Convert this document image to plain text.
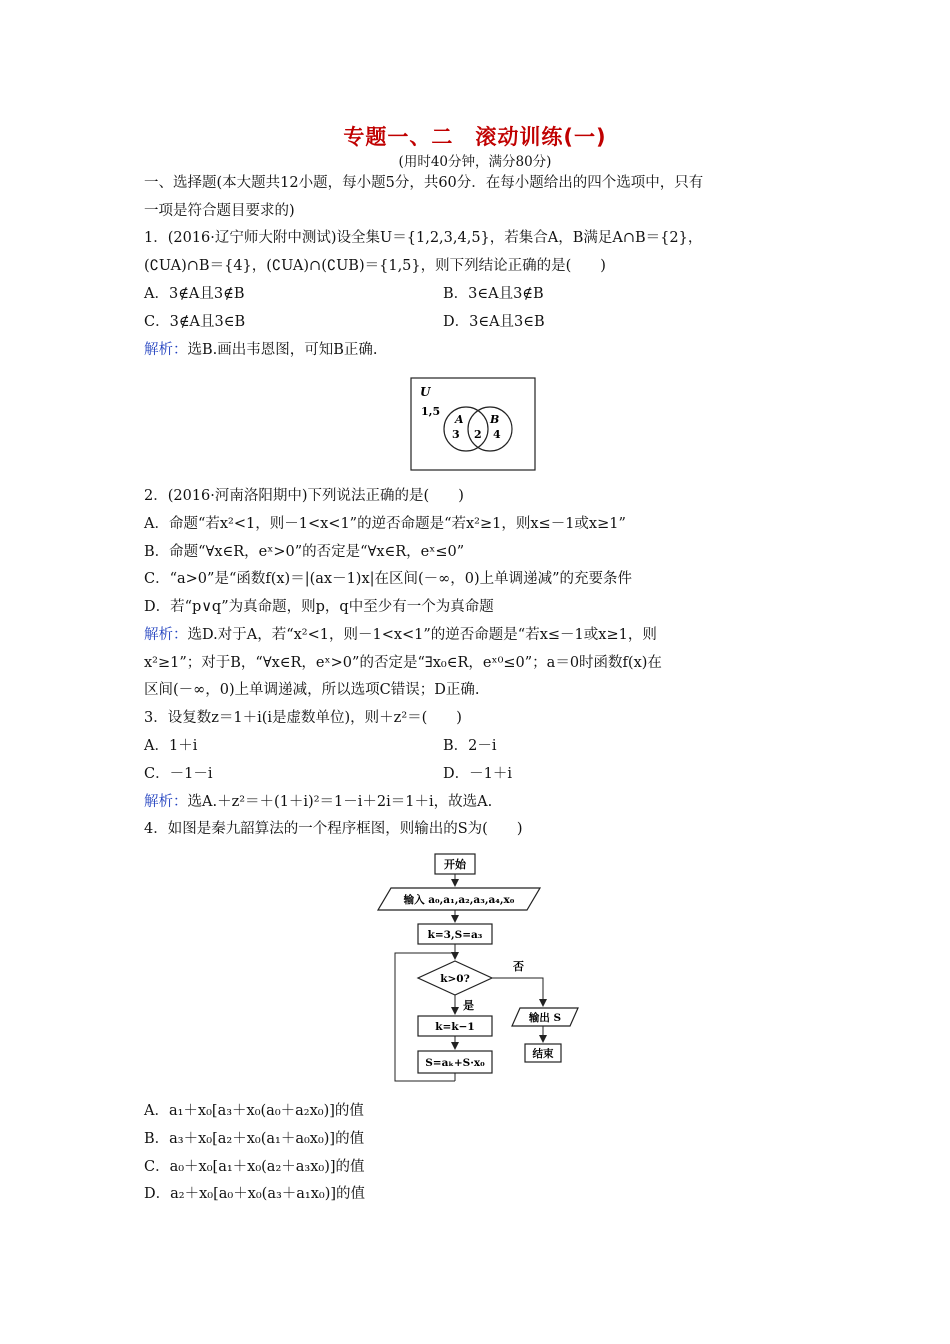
专题一、二　滚动训练(一)
(用时40分钟，满分80分)
一、选择题(本大题共12小题，每小题5分，共60分．在每小题给出的四个选项中，只有
一项是符合题目要求的)
1．(2016·辽宁师大附中测试)设全集U＝{1,2,3,4,5}，若集合A，B满足A∩B＝{2}，
(∁UA)∩B＝{4}，(∁UA)∩(∁UB)＝{1,5}，则下列结论正确的是(　　)
A．3∉A且3∉B	B．3∈A且3∉B
C．3∉A且3∈B	D．3∈A且3∈B
解析：选B.画出韦恩图，可知B正确.
U
1,5
A B
3 2 4
2．(2016·河南洛阳期中)下列说法正确的是(　　)
A．命题“若x²<1，则－1<x<1”的逆否命题是“若x²≥1，则x≤－1或x≥1”
B．命题“∀x∈R，eˣ>0”的否定是“∀x∈R，eˣ≤0”
C．“a>0”是“函数f(x)＝|(ax－1)x|在区间(－∞，0)上单调递减”的充要条件
D．若“p∨q”为真命题，则p，q中至少有一个为真命题
解析：选D.对于A，若“x²<1，则－1<x<1”的逆否命题是“若x≤－1或x≥1，则
x²≥1”；对于B，“∀x∈R，eˣ>0”的否定是“∃x₀∈R，eˣ⁰≤0”；a＝0时函数f(x)在
区间(－∞，0)上单调递减，所以选项C错误；D正确.
3．设复数z＝1＋i(i是虚数单位)，则＋z²＝(　　)
A．1＋i	B．2－i
C．－1－i	D．－1＋i
解析：选A.＋z²＝＋(1＋i)²＝1－i＋2i＝1＋i，故选A.
4．如图是秦九韶算法的一个程序框图，则输出的S为(　　)
开始
输入 a₀,a₁,a₂,a₃,a₄,x₀
k=3,S=a₃
k>0?
否
输出 S
结束
是
k=k−1
S=aₖ+S·x₀
A．a₁＋x₀[a₃＋x₀(a₀＋a₂x₀)]的值
B．a₃＋x₀[a₂＋x₀(a₁＋a₀x₀)]的值
C．a₀＋x₀[a₁＋x₀(a₂＋a₃x₀)]的值
D．a₂＋x₀[a₀＋x₀(a₃＋a₁x₀)]的值
